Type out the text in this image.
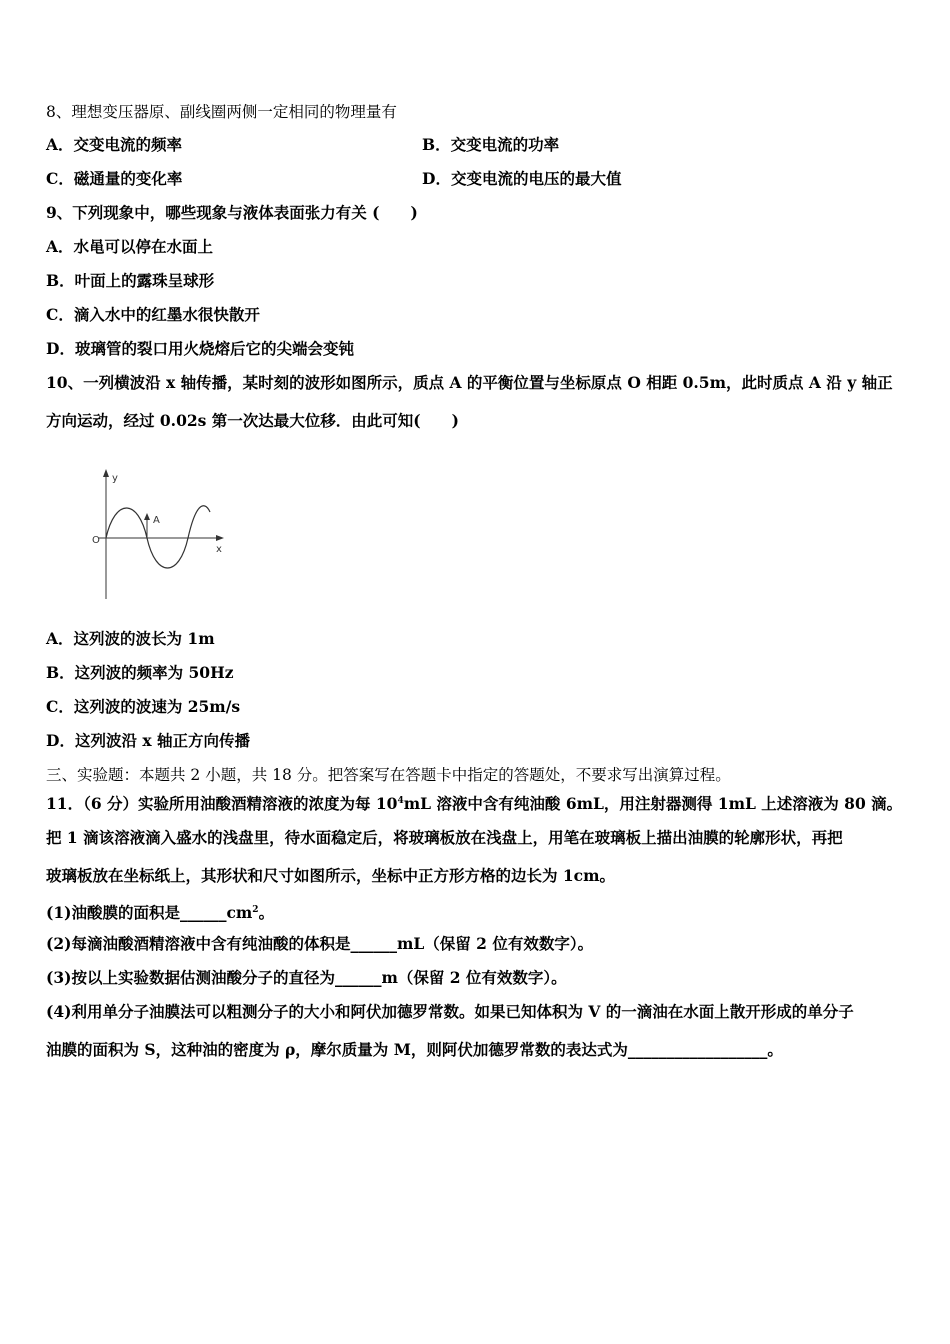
8、理想变压器原、副线圈两侧一定相同的物理量有
A．交变电流的频率	B．交变电流的功率
C．磁通量的变化率	D．交变电流的电压的最大值
9、下列现象中，哪些现象与液体表面张力有关 (　　)
A．水黾可以停在水面上
B．叶面上的露珠呈球形
C．滴入水中的红墨水很快散开
D．玻璃管的裂口用火烧熔后它的尖端会变钝
10、一列横波沿 x 轴传播，某时刻的波形如图所示，质点 A 的平衡位置与坐标原点 O 相距 0.5m，此时质点 A 沿 y 轴正
方向运动，经过 0.02s 第一次达最大位移．由此可知(　　)
y
x
O
A
A．这列波的波长为 1m
B．这列波的频率为 50Hz
C．这列波的波速为 25m/s
D．这列波沿 x 轴正方向传播
三、实验题：本题共 2 小题，共 18 分。把答案写在答题卡中指定的答题处，不要求写出演算过程。
11．（6 分）实验所用油酸酒精溶液的浓度为每 $10^4mL$ 溶液中含有纯油酸 6mL，用注射器测得 1mL 上述溶液为 80 滴。
把 1 滴该溶液滴入盛水的浅盘里，待水面稳定后，将玻璃板放在浅盘上，用笔在玻璃板上描出油膜的轮廓形状，再把
玻璃板放在坐标纸上，其形状和尺寸如图所示，坐标中正方形方格的边长为 1cm。
(1)油酸膜的面积是$\_\_\_\_\_\_cm^2$。
(2)每滴油酸酒精溶液中含有纯油酸的体积是______mL（保留 2 位有效数字）。
(3)按以上实验数据估测油酸分子的直径为______m（保留 2 位有效数字）。
(4)利用单分子油膜法可以粗测分子的大小和阿伏加德罗常数。如果已知体积为 V 的一滴油在水面上散开形成的单分子
油膜的面积为 S，这种油的密度为 ρ，摩尔质量为 M，则阿伏加德罗常数的表达式为__________________。
